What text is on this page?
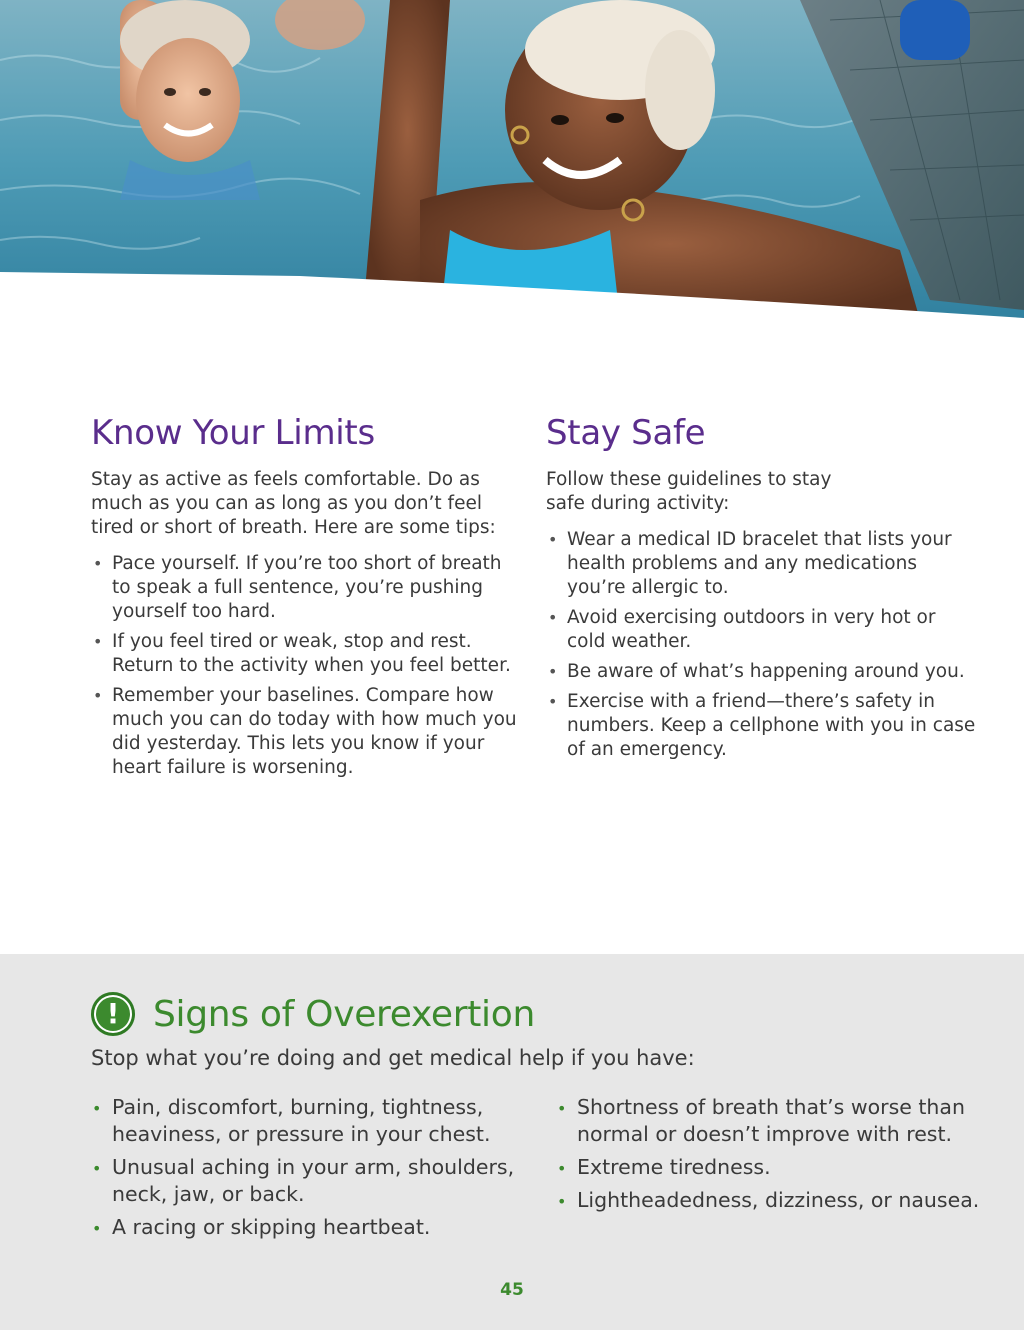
Know Your Limits

Stay as active as feels comfortable. Do as much as you can as long as you don’t feel tired or short of breath. Here are some tips:

• Pace yourself. If you’re too short of breath to speak a full sentence, you’re pushing yourself too hard.
• If you feel tired or weak, stop and rest. Return to the activity when you feel better.
• Remember your baselines. Compare how much you can do today with how much you did yesterday. This lets you know if your heart failure is worsening.
Stay Safe

Follow these guidelines to stay safe during activity:

• Wear a medical ID bracelet that lists your health problems and any medications you’re allergic to.
• Avoid exercising outdoors in very hot or cold weather.
• Be aware of what’s happening around you.
• Exercise with a friend—there’s safety in numbers. Keep a cellphone with you in case of an emergency.
! Signs of Overexertion

Stop what you’re doing and get medical help if you have:

• Pain, discomfort, burning, tightness, heaviness, or pressure in your chest.
• Unusual aching in your arm, shoulders, neck, jaw, or back.
• A racing or skipping heartbeat.
• Shortness of breath that’s worse than normal or doesn’t improve with rest.
• Extreme tiredness.
• Lightheadedness, dizziness, or nausea.

45
